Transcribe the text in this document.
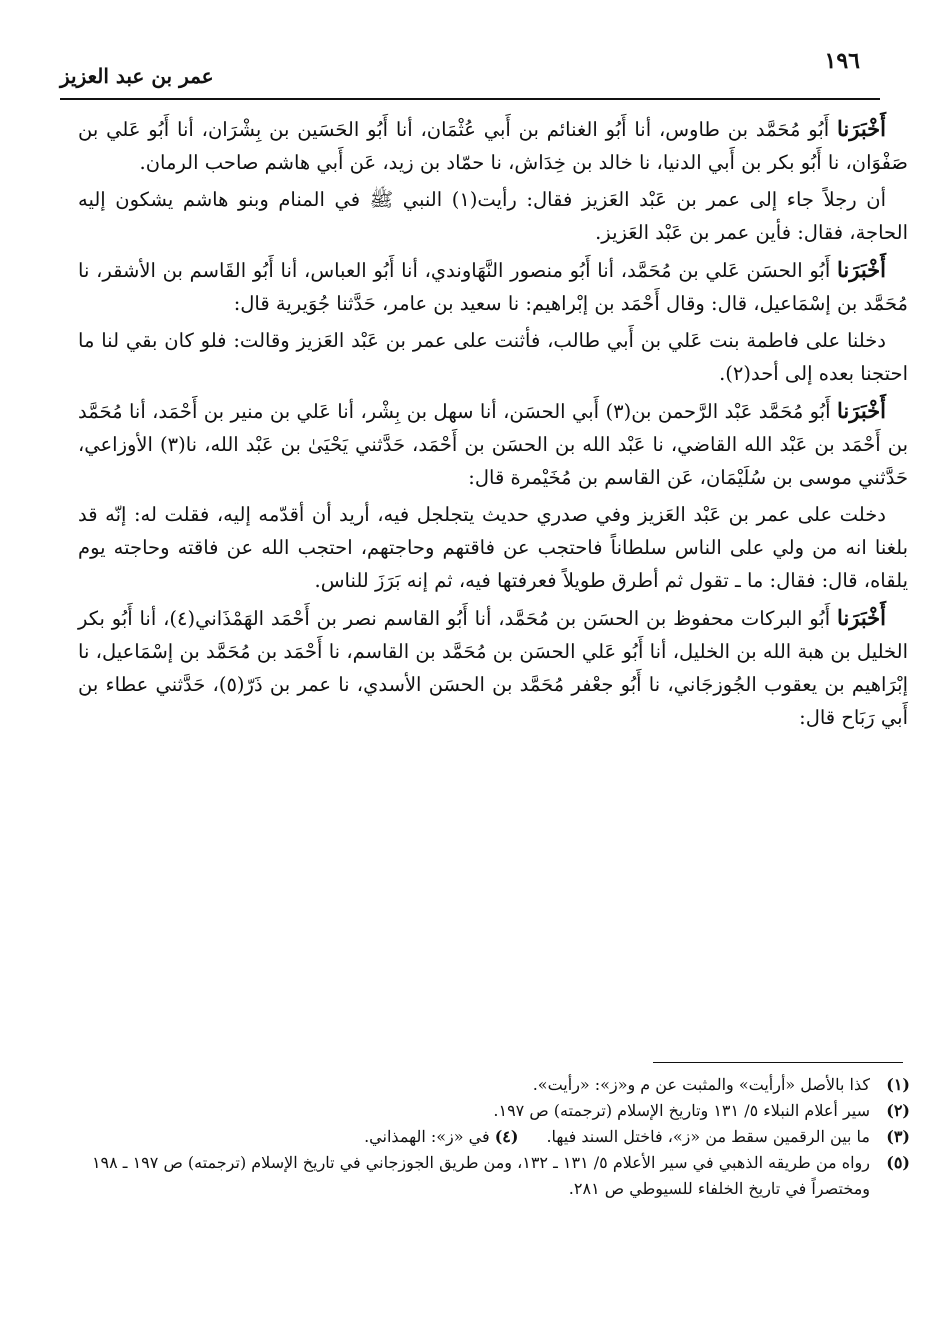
١٩٦
عمر بن عبد العزيز

أَخْبَرَنا أَبُو مُحَمَّد بن طاوس، أنا أَبُو الغنائم بن أَبي عُثْمَان، أنا أَبُو الحَسَين بن بِشْرَان، أنا أَبُو عَلي بن صَفْوَان، نا أَبُو بكر بن أَبي الدنيا، نا خالد بن خِدَاش، نا حمّاد بن زيد، عَن أَبي هاشم صاحب الرمان.

أن رجلاً جاء إلى عمر بن عَبْد العَزيز فقال: رأيت(١) النبي ﷺ في المنام وبنو هاشم يشكون إليه الحاجة، فقال: فأين عمر بن عَبْد العَزيز.

أَخْبَرَنا أَبُو الحسَن عَلي بن مُحَمَّد، أنا أَبُو منصور النَّهَاوندي، أنا أَبُو العباس، أنا أَبُو القَاسم بن الأشقر، نا مُحَمَّد بن إسْمَاعيل، قال: وقال أَحْمَد بن إبْراهيم: نا سعيد بن عامر، حَدَّثنا جُوَيرية قال:

دخلنا على فاطمة بنت عَلي بن أَبي طالب، فأثنت على عمر بن عَبْد العَزيز وقالت: فلو كان بقي لنا ما احتجنا بعده إلى أحد(٢).

أَخْبَرَنا أَبُو مُحَمَّد عَبْد الرَّحمن بن(٣) أَبي الحسَن، أنا سهل بن بِشْر، أنا عَلي بن منير بن أَحْمَد، أنا مُحَمَّد بن أَحْمَد بن عَبْد الله القاضي، نا عَبْد الله بن الحسَن بن أَحْمَد، حَدَّثني يَحْيَىٰ بن عَبْد الله، نا(٣) الأوزاعي، حَدَّثني موسى بن سُلَيْمَان، عَن القاسم بن مُخَيْمرة قال:

دخلت على عمر بن عَبْد العَزيز وفي صدري حديث يتجلجل فيه، أريد أن أقدّمه إليه، فقلت له: إنّه قد بلغنا انه من ولي على الناس سلطاناً فاحتجب عن فاقتهم وحاجتهم، احتجب الله عن فاقته وحاجته يوم يلقاه، قال: فقال: ما ـ تقول ثم أطرق طويلاً فعرفتها فيه، ثم إنه بَرَزَ للناس.

أَخْبَرَنا أَبُو البركات محفوظ بن الحسَن بن مُحَمَّد، أنا أَبُو القاسم نصر بن أَحْمَد الهَمْذَاني(٤)، أنا أَبُو بكر الخليل بن هبة الله بن الخليل، أنا أَبُو عَلي الحسَن بن مُحَمَّد بن القاسم، نا أَحْمَد بن مُحَمَّد بن إسْمَاعيل، نا إبْرَاهيم بن يعقوب الجُوزجَاني، نا أَبُو جعْفر مُحَمَّد بن الحسَن الأسدي، نا عمر بن ذَرّ(٥)، حَدَّثني عطاء بن أَبي رَبَاح قال:

(١)
كذا بالأصل «أرأيت» والمثبت عن م و«ز»: «رأيت».
(٢)
سير أعلام النبلاء ٥/ ١٣١ وتاريخ الإسلام (ترجمته) ص ١٩٧.
(٣)
ما بين الرقمين سقط من «ز»، فاختل السند فيها.(٤) في «ز»: الهمذاني.
(٥)
رواه من طريقه الذهبي في سير الأعلام ٥/ ١٣١ ـ ١٣٢، ومن طريق الجوزجاني في تاريخ الإسلام (ترجمته) ص ١٩٧ ـ ١٩٨ ومختصراً في تاريخ الخلفاء للسيوطي ص ٢٨١.
